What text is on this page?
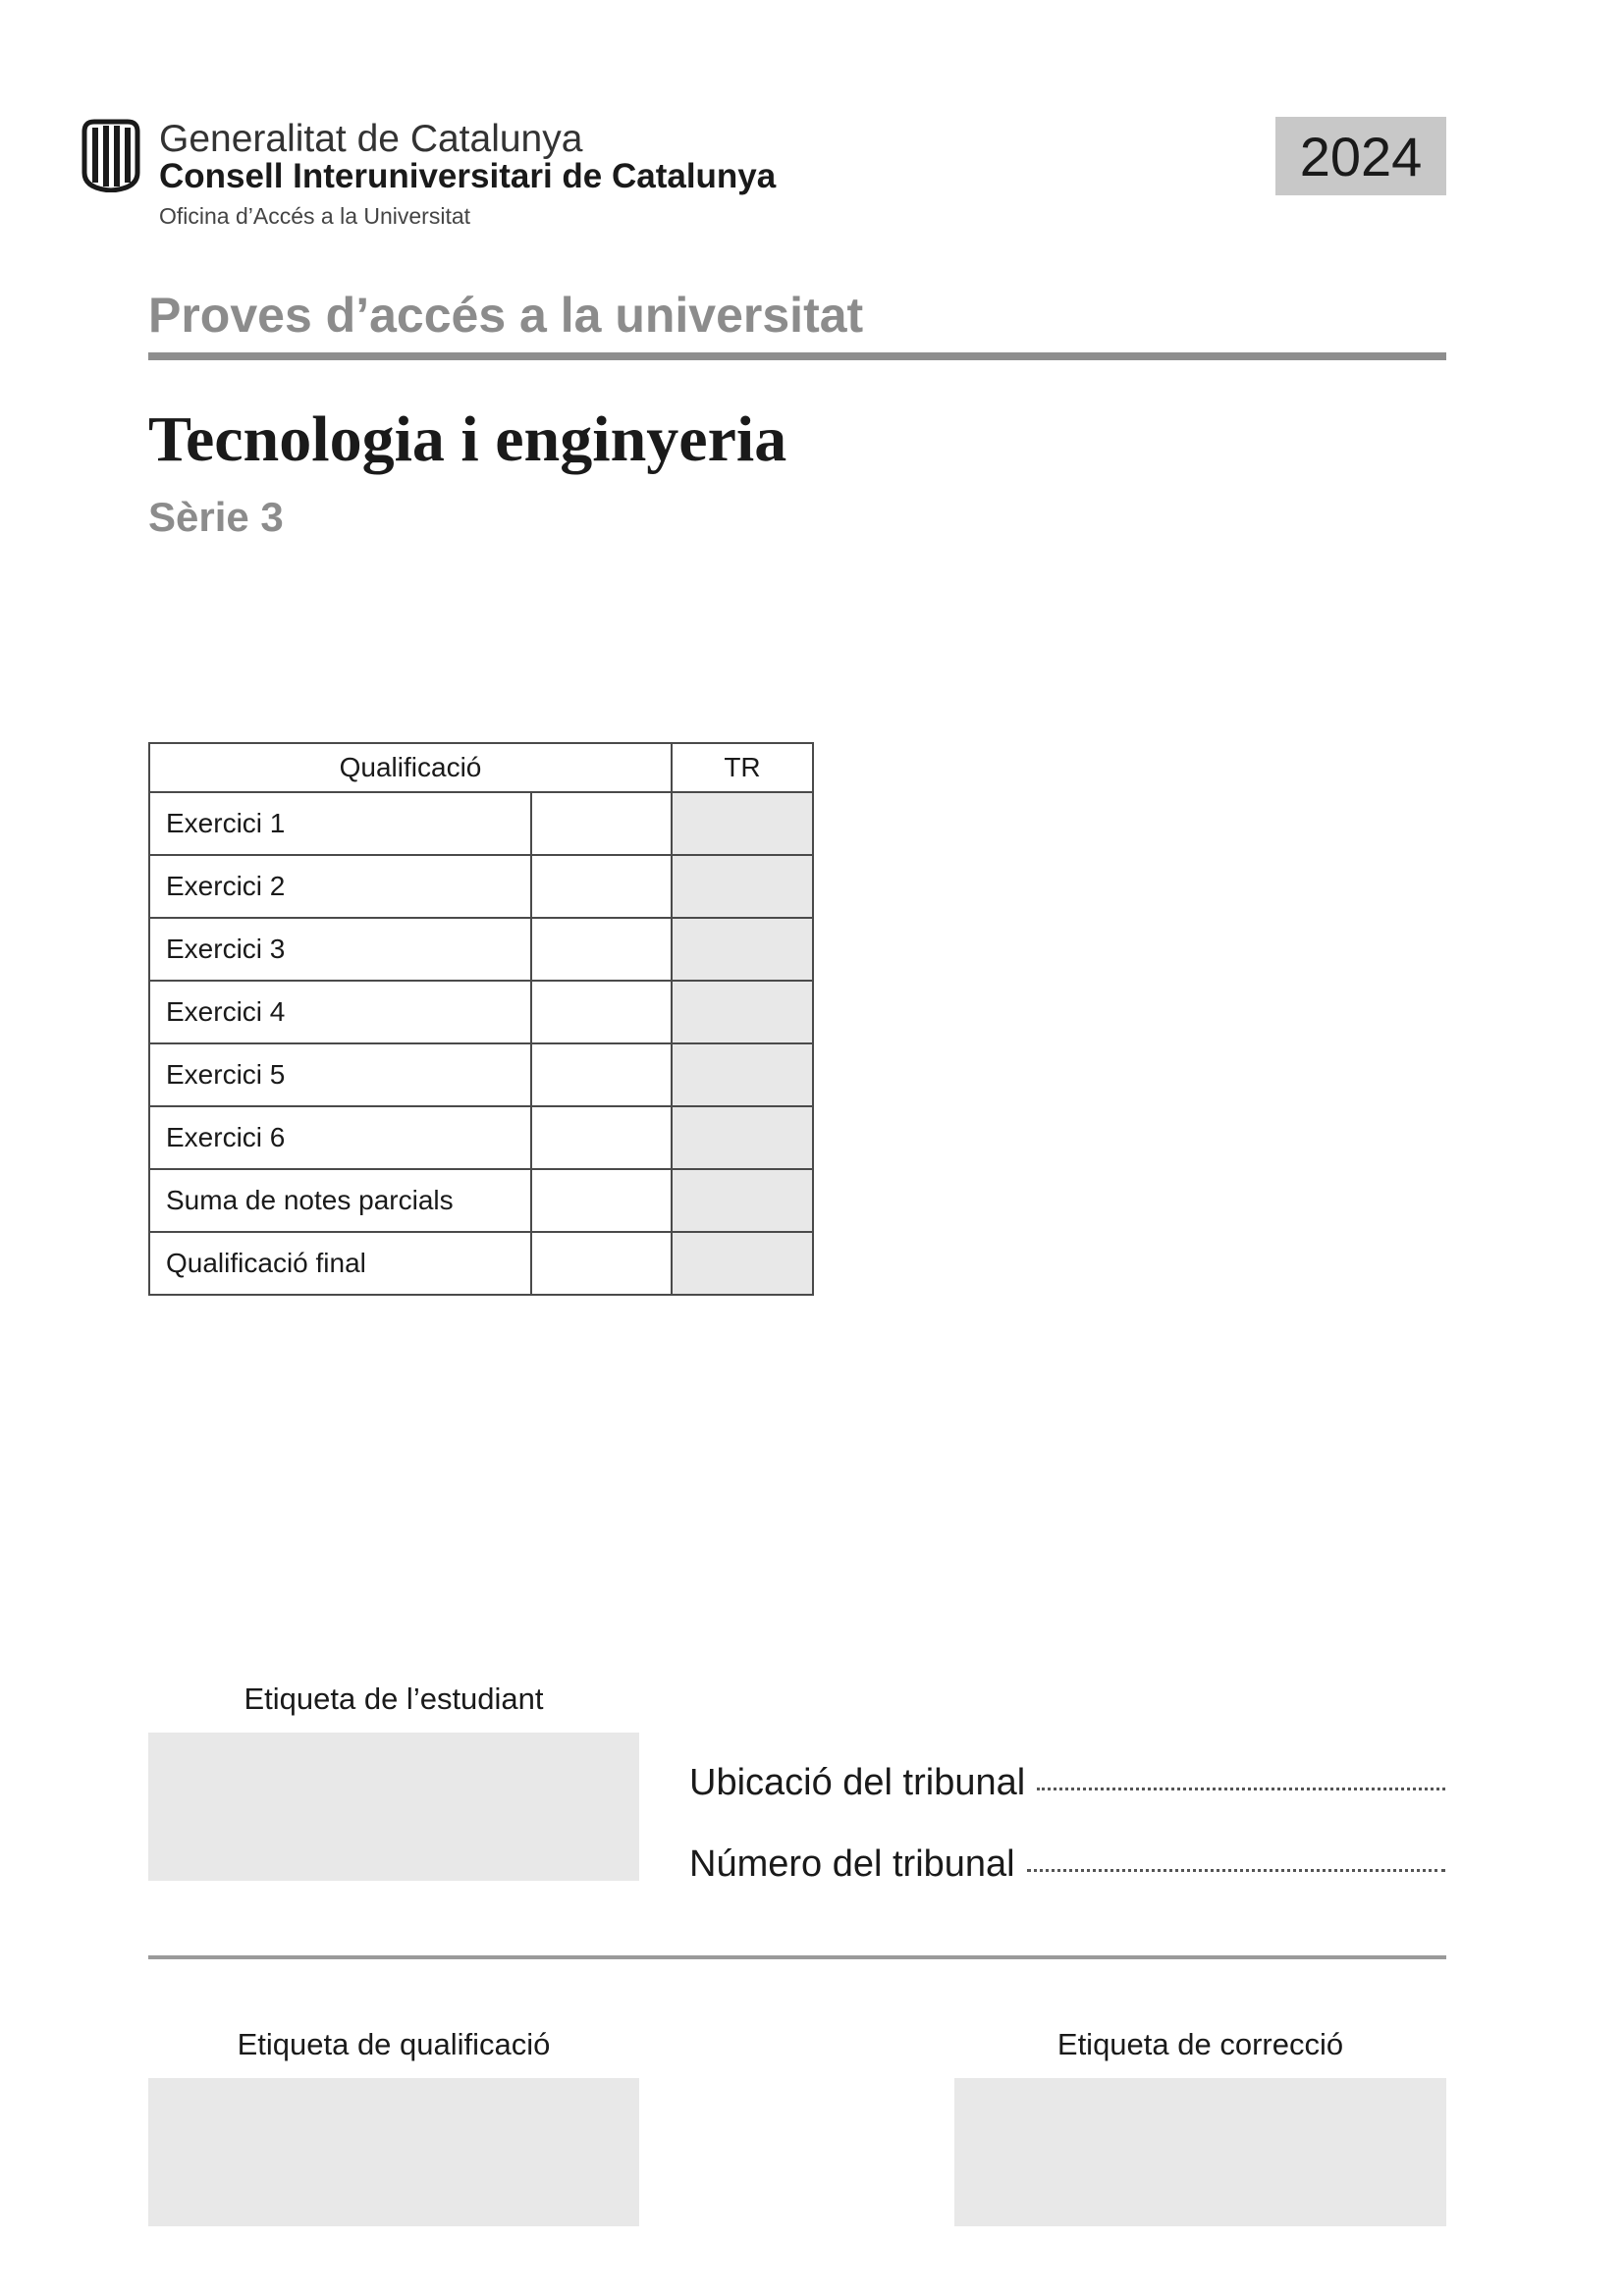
Generalitat de Catalunya
Consell Interuniversitari de Catalunya
Oficina d’Accés a la Universitat
2024
Proves d’accés a la universitat
Tecnologia i enginyeria
Sèrie 3
Qualificació		TR
Exercici 1		
Exercici 2		
Exercici 3		
Exercici 4		
Exercici 5		
Exercici 6		
Suma de notes parcials		
Qualificació final		
Etiqueta de l’estudiant
Ubicació del tribunal
Número del tribunal
Etiqueta de qualificació	Etiqueta de correcció
